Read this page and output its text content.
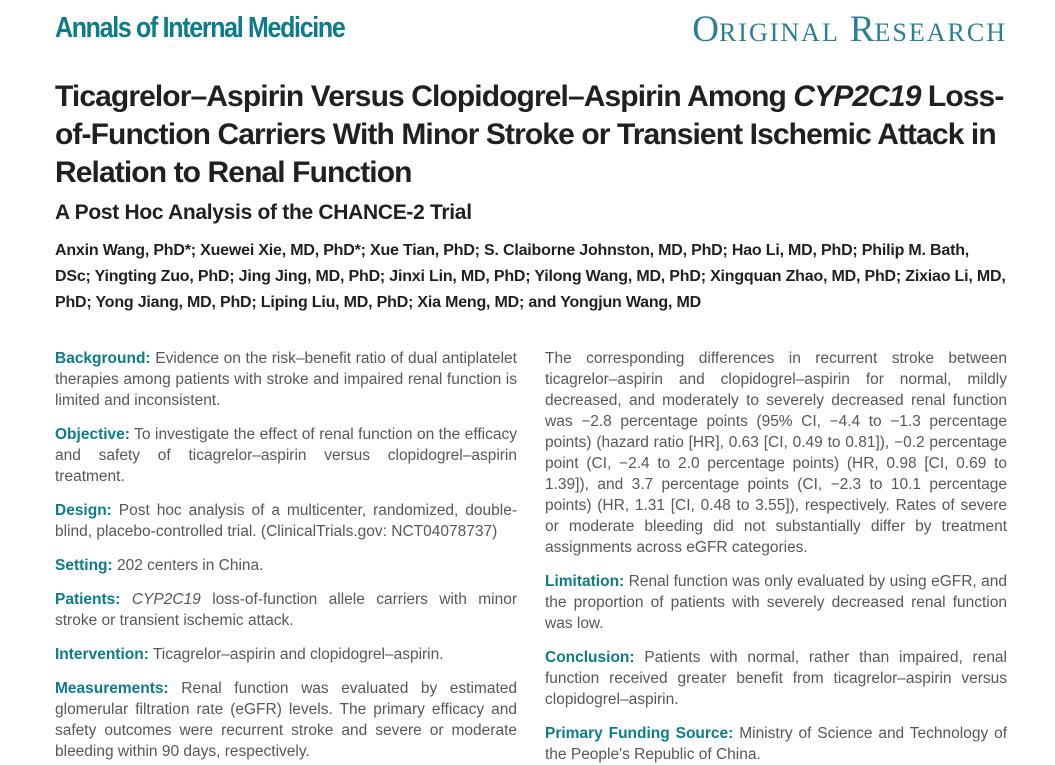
Annals of Internal Medicine	ORIGINAL RESEARCH
Ticagrelor–Aspirin Versus Clopidogrel–Aspirin Among CYP2C19 Loss-of-Function Carriers With Minor Stroke or Transient Ischemic Attack in Relation to Renal Function
A Post Hoc Analysis of the CHANCE-2 Trial

Anxin Wang, PhD*; Xuewei Xie, MD, PhD*; Xue Tian, PhD; S. Claiborne Johnston, MD, PhD; Hao Li, MD, PhD; Philip M. Bath, DSc; Yingting Zuo, PhD; Jing Jing, MD, PhD; Jinxi Lin, MD, PhD; Yilong Wang, MD, PhD; Xingquan Zhao, MD, PhD; Zixiao Li, MD, PhD; Yong Jiang, MD, PhD; Liping Liu, MD, PhD; Xia Meng, MD; and Yongjun Wang, MD

Background: Evidence on the risk–benefit ratio of dual antiplatelet therapies among patients with stroke and impaired renal function is limited and inconsistent.

Objective: To investigate the effect of renal function on the efficacy and safety of ticagrelor–aspirin versus clopidogrel–aspirin treatment.

Design: Post hoc analysis of a multicenter, randomized, double-blind, placebo-controlled trial. (ClinicalTrials.gov: NCT04078737)

Setting: 202 centers in China.

Patients: CYP2C19 loss-of-function allele carriers with minor stroke or transient ischemic attack.

Intervention: Ticagrelor–aspirin and clopidogrel–aspirin.

Measurements: Renal function was evaluated by estimated glomerular filtration rate (eGFR) levels. The primary efficacy and safety outcomes were recurrent stroke and severe or moderate bleeding within 90 days, respectively.

The corresponding differences in recurrent stroke between ticagrelor–aspirin and clopidogrel–aspirin for normal, mildly decreased, and moderately to severely decreased renal function was −2.8 percentage points (95% CI, −4.4 to −1.3 percentage points) (hazard ratio [HR], 0.63 [CI, 0.49 to 0.81]), −0.2 percentage point (CI, −2.4 to 2.0 percentage points) (HR, 0.98 [CI, 0.69 to 1.39]), and 3.7 percentage points (CI, −2.3 to 10.1 percentage points) (HR, 1.31 [CI, 0.48 to 3.55]), respectively. Rates of severe or moderate bleeding did not substantially differ by treatment assignments across eGFR categories.

Limitation: Renal function was only evaluated by using eGFR, and the proportion of patients with severely decreased renal function was low.

Conclusion: Patients with normal, rather than impaired, renal function received greater benefit from ticagrelor–aspirin versus clopidogrel–aspirin.

Primary Funding Source: Ministry of Science and Technology of the People's Republic of China.
